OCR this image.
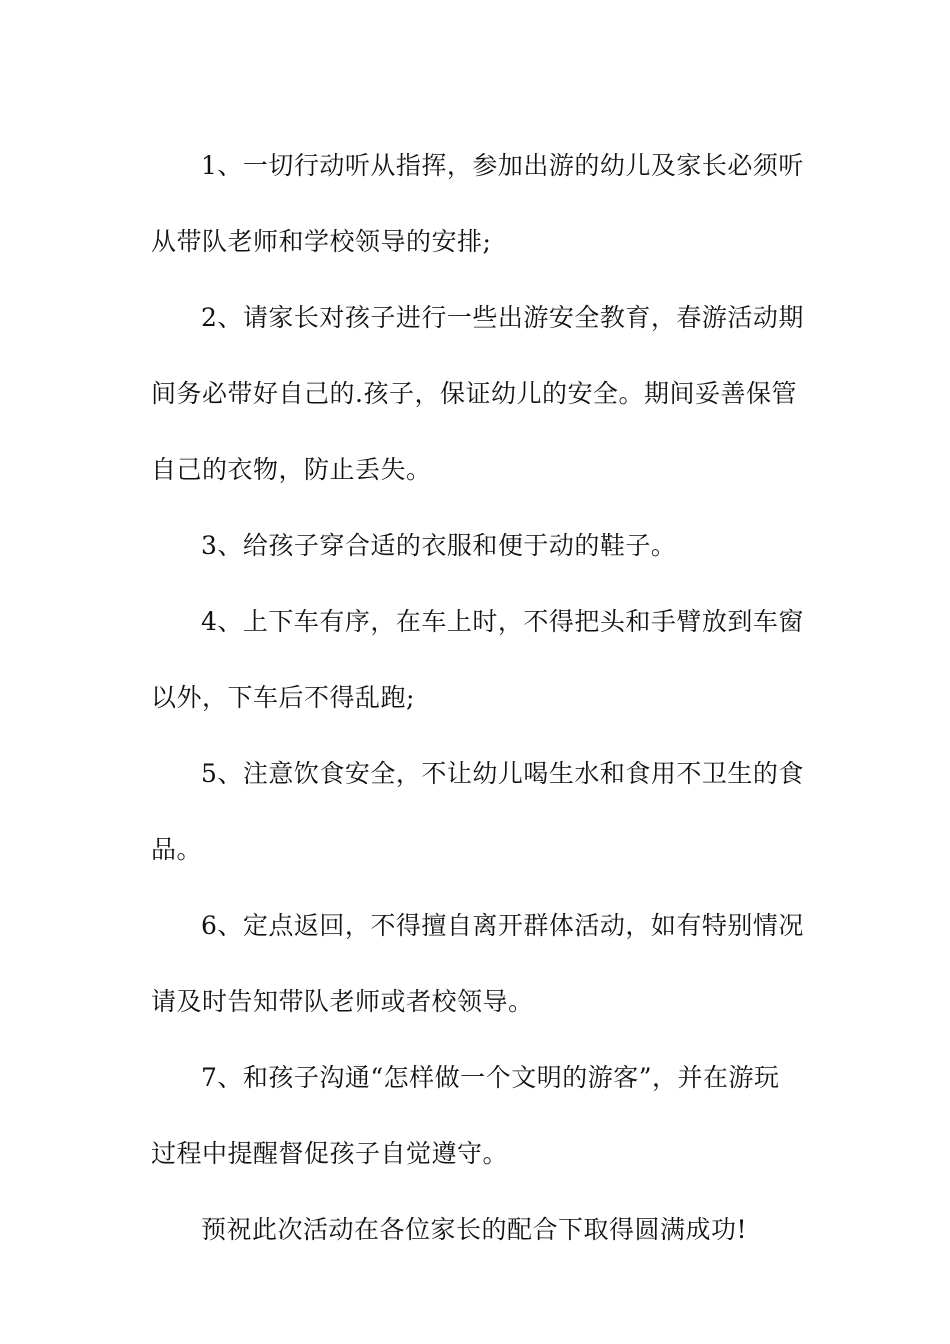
1、一切行动听从指挥，参加出游的幼儿及家长必须听
从带队老师和学校领导的安排;
2、请家长对孩子进行一些出游安全教育，春游活动期
间务必带好自己的.孩子，保证幼儿的安全。期间妥善保管
自己的衣物，防止丢失。
3、给孩子穿合适的衣服和便于动的鞋子。
4、上下车有序，在车上时，不得把头和手臂放到车窗
以外，下车后不得乱跑;
5、注意饮食安全，不让幼儿喝生水和食用不卫生的食
品。
6、定点返回，不得擅自离开群体活动，如有特别情况
请及时告知带队老师或者校领导。
7、和孩子沟通“怎样做一个文明的游客”，并在游玩
过程中提醒督促孩子自觉遵守。
预祝此次活动在各位家长的配合下取得圆满成功!
